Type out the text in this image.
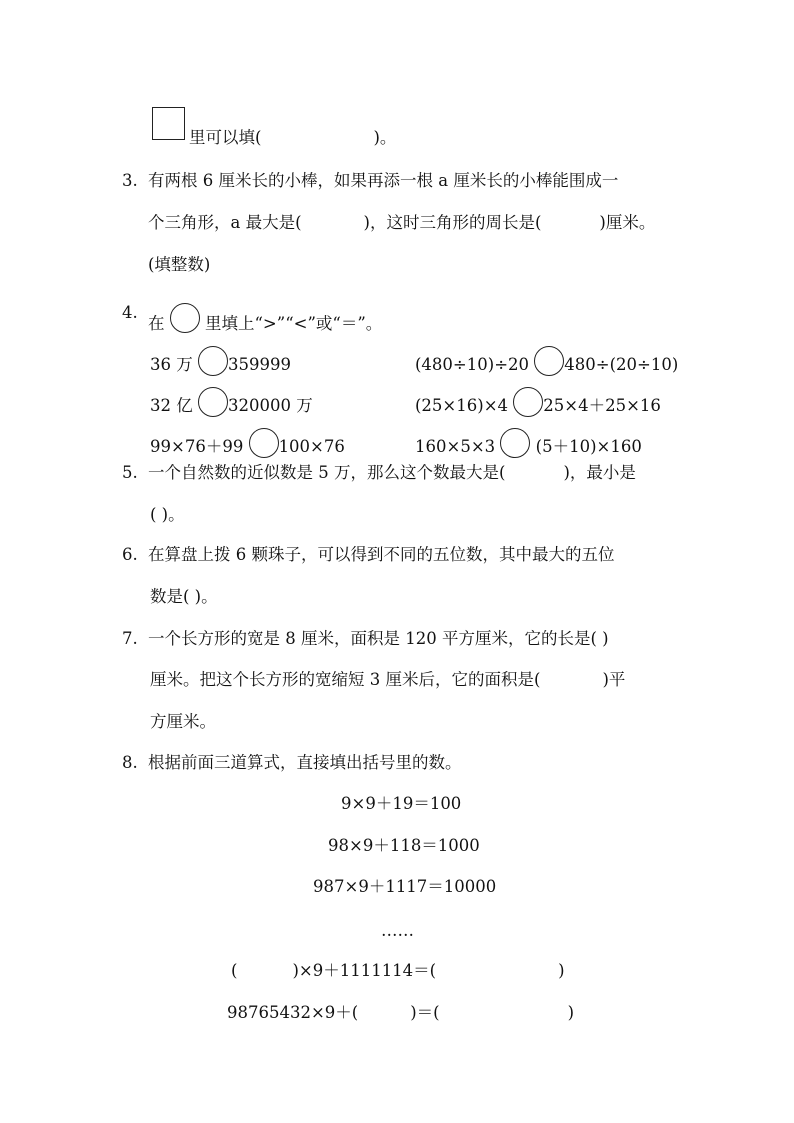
里可以填(	)。
3. 有两根 6 厘米长的小棒，如果再添一根 a 厘米长的小棒能围成一
个三角形，a 最大是(	)，这时三角形的周长是(	)厘米。
(填整数)
4.
在 里填上“>”“<”或“＝”。
36 万 359999	(480÷10)÷20 480÷(20÷10)
32 亿 320000 万	(25×16)×4 25×4＋25×16
99×76＋99 100×76	160×5×3 (5＋10)×160
5. 一个自然数的近似数是 5 万，那么这个数最大是(	)，最小是
( )。
6. 在算盘上拨 6 颗珠子，可以得到不同的五位数，其中最大的五位
数是( )。
7. 一个长方形的宽是 8 厘米，面积是 120 平方厘米，它的长是( )
厘米。把这个长方形的宽缩短 3 厘米后，它的面积是(	)平
方厘米。
8. 根据前面三道算式，直接填出括号里的数。
9×9＋19＝100
98×9＋118＝1000
987×9＋1117＝10000
……
(	)×9＋1111114＝(	)
98765432×9＋(	)＝(	)
